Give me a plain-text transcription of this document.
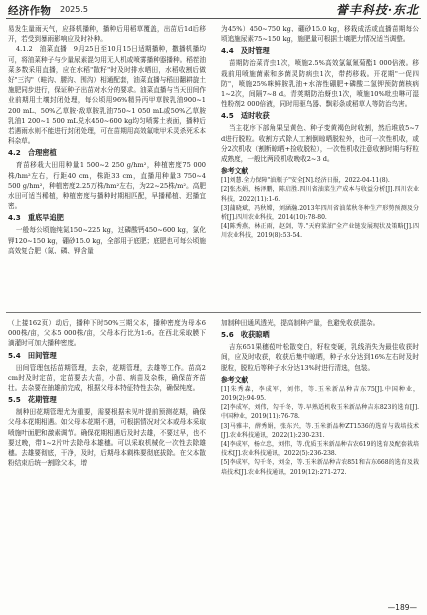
经济作物 2025.5	誉丰科技·东北

易发生量雨天气，应择机播种，播种后用稻草覆盖，出苗后1d后移开，若受到暴雨影响应及时补种。

4.1.2　油菜直播　9月25日至10月15日适期播种，撒播机播均可，将油菜种子与少量尿素混匀用无人机或喷雾播种器播种。稻茬油菜多数采用直播，应在水稻"散籽"时及时排水晒田，水稻收割后做好"三沟"（畦沟、腰沟、围沟）相通配套，油菜直播与稻田翻耕旋土施肥同步进行，保证种子出苗对水分的要求。油菜直播与当天田间作业前期用土壤封闭处理，每公顷用96%精异丙甲草胺乳油900~1 200 mL、50%乙草胺·敌草胺乳油750~1 050 mL或50%乙草胺乳油1 200~1 500 mL兑水450~600 kg均匀喷雾土表面，播种后若遇雨水则不能进行封闭处理，可在苗期用高效氟吡甲禾灵杀死禾本科杂草。

4.2　合理密植

育苗移栽大田用种量1 500~2 250 g/hm²，种植密度75 000株/hm²左右，行距40 cm，株距33 cm，直播用种量3 750~4 500 g/hm²，种植密度2.25万株/hm²左右，为22~25株/m²。高肥水田可适当稀植，种植密度与播种时期相匹配，早播稀植、迟播宜密。

4.3　重底早追肥

一般每公顷施纯氮150~225 kg，过磷酸钙450~600 kg，氯化钾120~150 kg，硼砂15.0 kg，全部用于底肥；底肥也可每公顷施高效复合肥（氮、磷、钾含量

为45%）450~750 kg、硼砂15.0 kg，移栽成活或直播苗期每公顷追施尿素75~150 kg，施肥量可根据土壤肥力情况适当调整。

4.4　及时管理

苗期防治菜青虫1次，喷施2.5%高效氯氟氰菊酯1 000倍液。移栽前用喷施菌素和多菌灵防病虫1次，带药移栽。开花期"一促四防"，喷施25%咪鲜胺乳油+水溶性硼肥+磷酸二氢钾预防菌核病1~2次，间隔7~8 d。青荚期防治蚜虫1次，喷施10%吡虫啉可湿性粉剂2 000倍液，同时用驱鸟器、飘彩条或稻草人等防治鸟害。

4.5　适时收获

当主花序下部角果呈黄色、种子变黄褐色时收割，然后堆放5~7 d进行脱粒。收割方式除人工割倒晾晒脱粒外，也可一次性机收，或分2次机收（割断晾晒+捡收脱粒），一次性机收注意收割时期与籽粒成熟度，一般比两段机收晚收2~3 d。

参考文献

[1]刘慧.全力保障"油瓶子"安全[N].经济日报，2022-04-11(8).

[2]张杰娟，杨泽鹏，陈启胜.四川省油菜生产成本与收益分析[J].四川农业科技，2022(11):1-6.

[3]蒲晓斌，冯秋嫦，刘涵瀚.2013年四川省油菜秋冬种生产形势预测及分析[J].四川农业科技，2014(10):78-80.

[4]陈秀燕，林正雨，赵剑，等."天府菜油"全产业链发展现状及策略[J].四川农业科技，2019(8):53-54.

（上接162页）动后，播种下时50%三期父本，播种密度为母本6 000株/亩，父本5 000株/亩，父母本行比为1:6。在西北采取膜下滴灌时可加大播种密度。

5.4　田间管理

田间管理包括苗期管理，去杂，花期管理，去雄等工作。苗高2 cm时及时定苗，定苗要去大苗，小苗、病苗及杂株，确保苗齐苗壮。去杂要在抽雄前完成，根据父母本特征特性去杂，确保纯度。

5.5　花期管理

制种田花期管理尤为重要，需要根据未见叶提前预测花期，确保父母本花期相遇。如父母本花期不遇，可根据情况对父本或母本采取喷施叶面肥和激素调节。确保花期相遇后及时去雄，不要过早，也不要过晚，带1~2片叶去除母本雄穗。可以采取机械化一次性去除雄穗。去雄要彻底，干净，及时，后期母本剩株要彻底拔除。在父本散粉结束后统一割除父本，增

加制种田通风透光，提高制种产量，也避免收获混杂。

5.6　收获晾晒

吉东651果穗苞叶松散变白，籽粒变硬，乳线消失为最佳收获时间，应及时收获，收获后集中晾晒，种子水分达到16%左右时及时脱粒，脱粒后等种子水分达13%时进行清选，包装。

参考文献

[1]朱秀森，李成军，刘伟，等.玉米新品种吉东75[J].中国种业，2019(2):94-95.

[2]李成军，刘伟，勾千冬，等.早熟适机收玉米新品种吉东823的选育[J].中国种业，2019(11):76-78.

[3]马雅丰，薛秀娟，张东兴，等.玉米新品种ZT1536的选育与栽培技术[J].农业科技通讯，2022(1):230-231.

[4]李成军，杨立忠，刘伟，等.优质玉米新品种吉农619的选育及配套栽培技术[J].农业科技通讯，2022(5):236-238.

[5]李成军，勾千冬，刘金，等.玉米新品种吉农851和吉东668的选育及栽培技术[J].农业科技通讯，2019(12):271-272.

—189—
